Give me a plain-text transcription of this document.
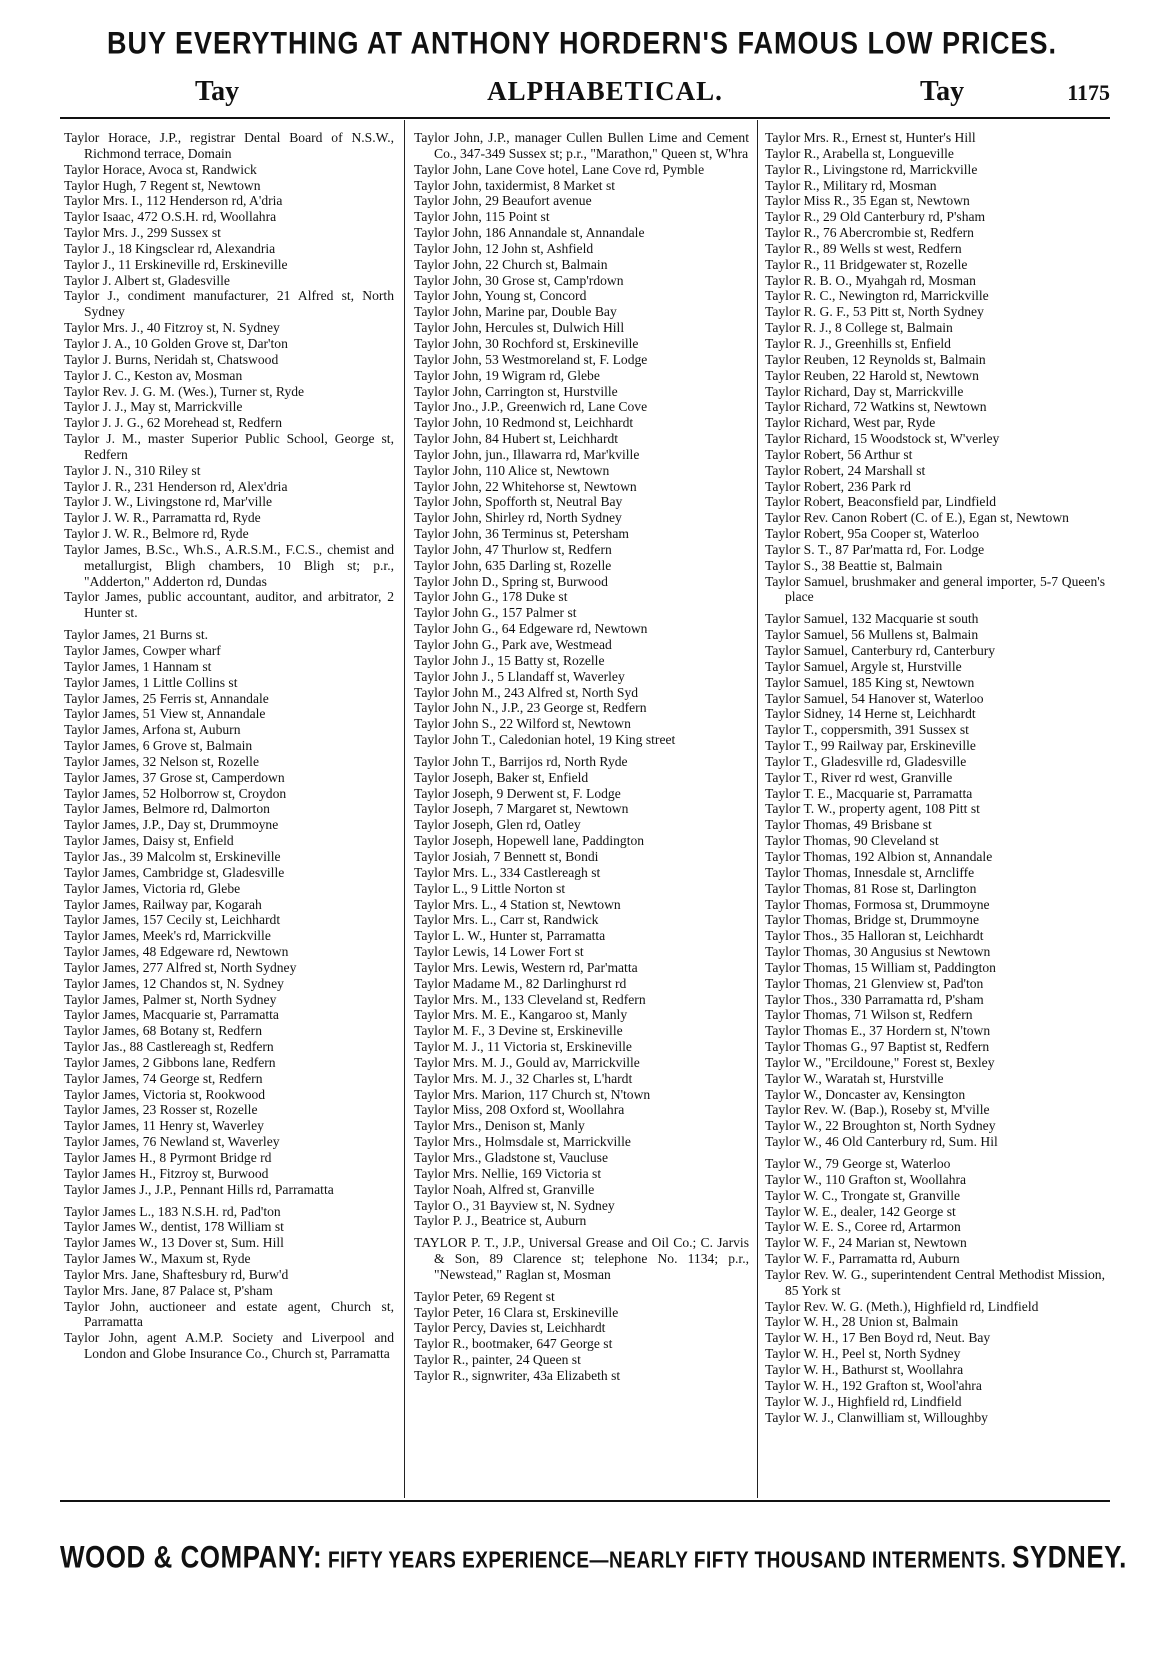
BUY EVERYTHING AT ANTHONY HORDERN'S FAMOUS LOW PRICES.
Tay	ALPHABETICAL.	Tay	1175
Taylor Horace, J.P., registrar Dental Board of N.S.W., Richmond terrace, Domain
Taylor Horace, Avoca st, Randwick
Taylor Hugh, 7 Regent st, Newtown
Taylor Mrs. I., 112 Henderson rd, A'dria
Taylor Isaac, 472 O.S.H. rd, Woollahra
Taylor Mrs. J., 299 Sussex st
Taylor J., 18 Kingsclear rd, Alexandria
Taylor J., 11 Erskineville rd, Erskineville
Taylor J. Albert st, Gladesville
Taylor J., condiment manufacturer, 21 Alfred st, North Sydney
Taylor Mrs. J., 40 Fitzroy st, N. Sydney
Taylor J. A., 10 Golden Grove st, Dar'ton
Taylor J. Burns, Neridah st, Chatswood
Taylor J. C., Keston av, Mosman
Taylor Rev. J. G. M. (Wes.), Turner st, Ryde
Taylor J. J., May st, Marrickville
Taylor J. J. G., 62 Morehead st, Redfern
Taylor J. M., master Superior Public School, George st, Redfern
Taylor J. N., 310 Riley st
Taylor J. R., 231 Henderson rd, Alex'dria
Taylor J. W., Livingstone rd, Mar'ville
Taylor J. W. R., Parramatta rd, Ryde
Taylor J. W. R., Belmore rd, Ryde
Taylor James, B.Sc., Wh.S., A.R.S.M., F.C.S., chemist and metallurgist, Bligh chambers, 10 Bligh st; p.r., "Adderton," Adderton rd, Dundas
Taylor James, public accountant, auditor, and arbitrator, 2 Hunter st.
Taylor James, 21 Burns st.
Taylor James, Cowper wharf
Taylor James, 1 Hannam st
Taylor James, 1 Little Collins st
Taylor James, 25 Ferris st, Annandale
Taylor James, 51 View st, Annandale
Taylor James, Arfona st, Auburn
Taylor James, 6 Grove st, Balmain
Taylor James, 32 Nelson st, Rozelle
Taylor James, 37 Grose st, Camperdown
Taylor James, 52 Holborrow st, Croydon
Taylor James, Belmore rd, Dalmorton
Taylor James, J.P., Day st, Drummoyne
Taylor James, Daisy st, Enfield
Taylor Jas., 39 Malcolm st, Erskineville
Taylor James, Cambridge st, Gladesville
Taylor James, Victoria rd, Glebe
Taylor James, Railway par, Kogarah
Taylor James, 157 Cecily st, Leichhardt
Taylor James, Meek's rd, Marrickville
Taylor James, 48 Edgeware rd, Newtown
Taylor James, 277 Alfred st, North Sydney
Taylor James, 12 Chandos st, N. Sydney
Taylor James, Palmer st, North Sydney
Taylor James, Macquarie st, Parramatta
Taylor James, 68 Botany st, Redfern
Taylor Jas., 88 Castlereagh st, Redfern
Taylor James, 2 Gibbons lane, Redfern
Taylor James, 74 George st, Redfern
Taylor James, Victoria st, Rookwood
Taylor James, 23 Rosser st, Rozelle
Taylor James, 11 Henry st, Waverley
Taylor James, 76 Newland st, Waverley
Taylor James H., 8 Pyrmont Bridge rd
Taylor James H., Fitzroy st, Burwood
Taylor James J., J.P., Pennant Hills rd, Parramatta
Taylor James L., 183 N.S.H. rd, Pad'ton
Taylor James W., dentist, 178 William st
Taylor James W., 13 Dover st, Sum. Hill
Taylor James W., Maxum st, Ryde
Taylor Mrs. Jane, Shaftesbury rd, Burw'd
Taylor Mrs. Jane, 87 Palace st, P'sham
Taylor John, auctioneer and estate agent, Church st, Parramatta
Taylor John, agent A.M.P. Society and Liverpool and London and Globe Insurance Co., Church st, Parramatta
Taylor John, J.P., manager Cullen Bullen Lime and Cement Co., 347-349 Sussex st; p.r., "Marathon," Queen st, W'hra
Taylor John, Lane Cove hotel, Lane Cove rd, Pymble
Taylor John, taxidermist, 8 Market st
Taylor John, 29 Beaufort avenue
Taylor John, 115 Point st
Taylor John, 186 Annandale st, Annandale
Taylor John, 12 John st, Ashfield
Taylor John, 22 Church st, Balmain
Taylor John, 30 Grose st, Camp'rdown
Taylor John, Young st, Concord
Taylor John, Marine par, Double Bay
Taylor John, Hercules st, Dulwich Hill
Taylor John, 30 Rochford st, Erskineville
Taylor John, 53 Westmoreland st, F. Lodge
Taylor John, 19 Wigram rd, Glebe
Taylor John, Carrington st, Hurstville
Taylor Jno., J.P., Greenwich rd, Lane Cove
Taylor John, 10 Redmond st, Leichhardt
Taylor John, 84 Hubert st, Leichhardt
Taylor John, jun., Illawarra rd, Mar'kville
Taylor John, 110 Alice st, Newtown
Taylor John, 22 Whitehorse st, Newtown
Taylor John, Spofforth st, Neutral Bay
Taylor John, Shirley rd, North Sydney
Taylor John, 36 Terminus st, Petersham
Taylor John, 47 Thurlow st, Redfern
Taylor John, 635 Darling st, Rozelle
Taylor John D., Spring st, Burwood
Taylor John G., 178 Duke st
Taylor John G., 157 Palmer st
Taylor John G., 64 Edgeware rd, Newtown
Taylor John G., Park ave, Westmead
Taylor John J., 15 Batty st, Rozelle
Taylor John J., 5 Llandaff st, Waverley
Taylor John M., 243 Alfred st, North Syd
Taylor John N., J.P., 23 George st, Redfern
Taylor John S., 22 Wilford st, Newtown
Taylor John T., Caledonian hotel, 19 King street
Taylor John T., Barrijos rd, North Ryde
Taylor Joseph, Baker st, Enfield
Taylor Joseph, 9 Derwent st, F. Lodge
Taylor Joseph, 7 Margaret st, Newtown
Taylor Joseph, Glen rd, Oatley
Taylor Joseph, Hopewell lane, Paddington
Taylor Josiah, 7 Bennett st, Bondi
Taylor Mrs. L., 334 Castlereagh st
Taylor L., 9 Little Norton st
Taylor Mrs. L., 4 Station st, Newtown
Taylor Mrs. L., Carr st, Randwick
Taylor L. W., Hunter st, Parramatta
Taylor Lewis, 14 Lower Fort st
Taylor Mrs. Lewis, Western rd, Par'matta
Taylor Madame M., 82 Darlinghurst rd
Taylor Mrs. M., 133 Cleveland st, Redfern
Taylor Mrs. M. E., Kangaroo st, Manly
Taylor M. F., 3 Devine st, Erskineville
Taylor M. J., 11 Victoria st, Erskineville
Taylor Mrs. M. J., Gould av, Marrickville
Taylor Mrs. M. J., 32 Charles st, L'hardt
Taylor Mrs. Marion, 117 Church st, N'town
Taylor Miss, 208 Oxford st, Woollahra
Taylor Mrs., Denison st, Manly
Taylor Mrs., Holmsdale st, Marrickville
Taylor Mrs., Gladstone st, Vaucluse
Taylor Mrs. Nellie, 169 Victoria st
Taylor Noah, Alfred st, Granville
Taylor O., 31 Bayview st, N. Sydney
Taylor P. J., Beatrice st, Auburn
TAYLOR P. T., J.P., Universal Grease and Oil Co.; C. Jarvis & Son, 89 Clarence st; telephone No. 1134; p.r., "Newstead," Raglan st, Mosman
Taylor Peter, 69 Regent st
Taylor Peter, 16 Clara st, Erskineville
Taylor Percy, Davies st, Leichhardt
Taylor R., bootmaker, 647 George st
Taylor R., painter, 24 Queen st
Taylor R., signwriter, 43a Elizabeth st
Taylor Mrs. R., Ernest st, Hunter's Hill
Taylor R., Arabella st, Longueville
Taylor R., Livingstone rd, Marrickville
Taylor R., Military rd, Mosman
Taylor Miss R., 35 Egan st, Newtown
Taylor R., 29 Old Canterbury rd, P'sham
Taylor R., 76 Abercrombie st, Redfern
Taylor R., 89 Wells st west, Redfern
Taylor R., 11 Bridgewater st, Rozelle
Taylor R. B. O., Myahgah rd, Mosman
Taylor R. C., Newington rd, Marrickville
Taylor R. G. F., 53 Pitt st, North Sydney
Taylor R. J., 8 College st, Balmain
Taylor R. J., Greenhills st, Enfield
Taylor Reuben, 12 Reynolds st, Balmain
Taylor Reuben, 22 Harold st, Newtown
Taylor Richard, Day st, Marrickville
Taylor Richard, 72 Watkins st, Newtown
Taylor Richard, West par, Ryde
Taylor Richard, 15 Woodstock st, W'verley
Taylor Robert, 56 Arthur st
Taylor Robert, 24 Marshall st
Taylor Robert, 236 Park rd
Taylor Robert, Beaconsfield par, Lindfield
Taylor Rev. Canon Robert (C. of E.), Egan st, Newtown
Taylor Robert, 95a Cooper st, Waterloo
Taylor S. T., 87 Par'matta rd, For. Lodge
Taylor S., 38 Beattie st, Balmain
Taylor Samuel, brushmaker and general importer, 5-7 Queen's place
Taylor Samuel, 132 Macquarie st south
Taylor Samuel, 56 Mullens st, Balmain
Taylor Samuel, Canterbury rd, Canterbury
Taylor Samuel, Argyle st, Hurstville
Taylor Samuel, 185 King st, Newtown
Taylor Samuel, 54 Hanover st, Waterloo
Taylor Sidney, 14 Herne st, Leichhardt
Taylor T., coppersmith, 391 Sussex st
Taylor T., 99 Railway par, Erskineville
Taylor T., Gladesville rd, Gladesville
Taylor T., River rd west, Granville
Taylor T. E., Macquarie st, Parramatta
Taylor T. W., property agent, 108 Pitt st
Taylor Thomas, 49 Brisbane st
Taylor Thomas, 90 Cleveland st
Taylor Thomas, 192 Albion st, Annandale
Taylor Thomas, Innesdale st, Arncliffe
Taylor Thomas, 81 Rose st, Darlington
Taylor Thomas, Formosa st, Drummoyne
Taylor Thomas, Bridge st, Drummoyne
Taylor Thos., 35 Halloran st, Leichhardt
Taylor Thomas, 30 Angusius st Newtown
Taylor Thomas, 15 William st, Paddington
Taylor Thomas, 21 Glenview st, Pad'ton
Taylor Thos., 330 Parramatta rd, P'sham
Taylor Thomas, 71 Wilson st, Redfern
Taylor Thomas E., 37 Hordern st, N'town
Taylor Thomas G., 97 Baptist st, Redfern
Taylor W., "Ercildoune," Forest st, Bexley
Taylor W., Waratah st, Hurstville
Taylor W., Doncaster av, Kensington
Taylor Rev. W. (Bap.), Roseby st, M'ville
Taylor W., 22 Broughton st, North Sydney
Taylor W., 46 Old Canterbury rd, Sum. Hil
Taylor W., 79 George st, Waterloo
Taylor W., 110 Grafton st, Woollahra
Taylor W. C., Trongate st, Granville
Taylor W. E., dealer, 142 George st
Taylor W. E. S., Coree rd, Artarmon
Taylor W. F., 24 Marian st, Newtown
Taylor W. F., Parramatta rd, Auburn
Taylor Rev. W. G., superintendent Central Methodist Mission, 85 York st
Taylor Rev. W. G. (Meth.), Highfield rd, Lindfield
Taylor W. H., 28 Union st, Balmain
Taylor W. H., 17 Ben Boyd rd, Neut. Bay
Taylor W. H., Peel st, North Sydney
Taylor W. H., Bathurst st, Woollahra
Taylor W. H., 192 Grafton st, Wool'ahra
Taylor W. J., Highfield rd, Lindfield
Taylor W. J., Clanwilliam st, Willoughby
WOOD & COMPANY: FIFTY YEARS EXPERIENCE—NEARLY FIFTY THOUSAND INTERMENTS. SYDNEY.
